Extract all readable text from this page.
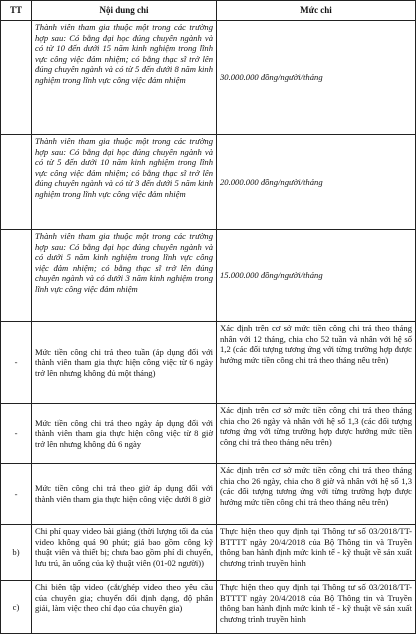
TT	Nội dung chi	Mức chi
	Thành viên tham gia thuộc một trong các trường hợp sau: Có bằng đại học đúng chuyên ngành và có từ 10 đến dưới 15 năm kinh nghiệm trong lĩnh vực công việc đảm nhiệm; có bằng thạc sĩ trở lên đúng chuyên ngành và có từ 5 đến dưới 8 năm kinh nghiệm trong lĩnh vực công việc đảm nhiệm	30.000.000 đồng/người/tháng
	Thành viên tham gia thuộc một trong các trường hợp sau: Có bằng đại học đúng chuyên ngành và có từ 5 đến dưới 10 năm kinh nghiệm trong lĩnh vực công việc đảm nhiệm; có bằng thạc sĩ trở lên đúng chuyên ngành và có từ 3 đến dưới 5 năm kinh nghiệm trong lĩnh vực công việc đảm nhiệm	20.000.000 đồng/người/tháng
	Thành viên tham gia thuộc một trong các trường hợp sau: Có bằng đại học đúng chuyên ngành và có dưới 5 năm kinh nghiệm trong lĩnh vực công việc đảm nhiệm; có bằng thạc sĩ trở lên đúng chuyên ngành và có dưới 3 năm kinh nghiệm trong lĩnh vực công việc đảm nhiệm	15.000.000 đồng/người/tháng
-	Mức tiền công chi trả theo tuần (áp dụng đối với thành viên tham gia thực hiện công việc từ 6 ngày trở lên nhưng không đủ một tháng)	Xác định trên cơ sở mức tiền công chi trả theo tháng nhân với 12 tháng, chia cho 52 tuần và nhân với hệ số 1,2 (các đối tượng tương ứng với từng trường hợp được hưởng mức tiền công chi trả theo tháng nêu trên)
-	Mức tiền công chi trả theo ngày áp dụng đối với thành viên tham gia thực hiện công việc từ 8 giờ trở lên nhưng không đủ 6 ngày	Xác định trên cơ sở mức tiền công chi trả theo tháng chia cho 26 ngày và nhân với hệ số 1,3 (các đối tượng tương ứng với từng trường hợp được hưởng mức tiền công chi trả theo tháng nêu trên)
-	Mức tiền công chi trả theo giờ áp dụng đối với thành viên tham gia thực hiện công việc dưới 8 giờ	Xác định trên cơ sở mức tiền công chi trả theo tháng chia cho 26 ngày, chia cho 8 giờ và nhân với hệ số 1,3 (các đối tượng tương ứng với từng trường hợp được hưởng mức tiền công chi trả theo tháng nêu trên)
b)	Chi phí quay video bài giảng (thời lượng tối đa của video không quá 90 phút; giá bao gồm công kỹ thuật viên và thiết bị; chưa bao gồm phí di chuyển, lưu trú, ăn uống của kỹ thuật viên (01-02 người))	Thực hiện theo quy định tại Thông tư số 03/2018/TT-BTTTT ngày 20/4/2018 của Bộ Thông tin và Truyền thông ban hành định mức kinh tế - kỹ thuật về sản xuất chương trình truyền hình
c)	Chi biên tập video (cắt/ghép video theo yêu cầu của chuyên gia; chuyển đổi định dạng, độ phân giải, làm việc theo chỉ đạo của chuyên gia)	Thực hiện theo quy định tại Thông tư số 03/2018/TT-BTTTT ngày 20/4/2018 của Bộ Thông tin và Truyền thông ban hành định mức kinh tế - kỹ thuật về sản xuất chương trình truyền hình
